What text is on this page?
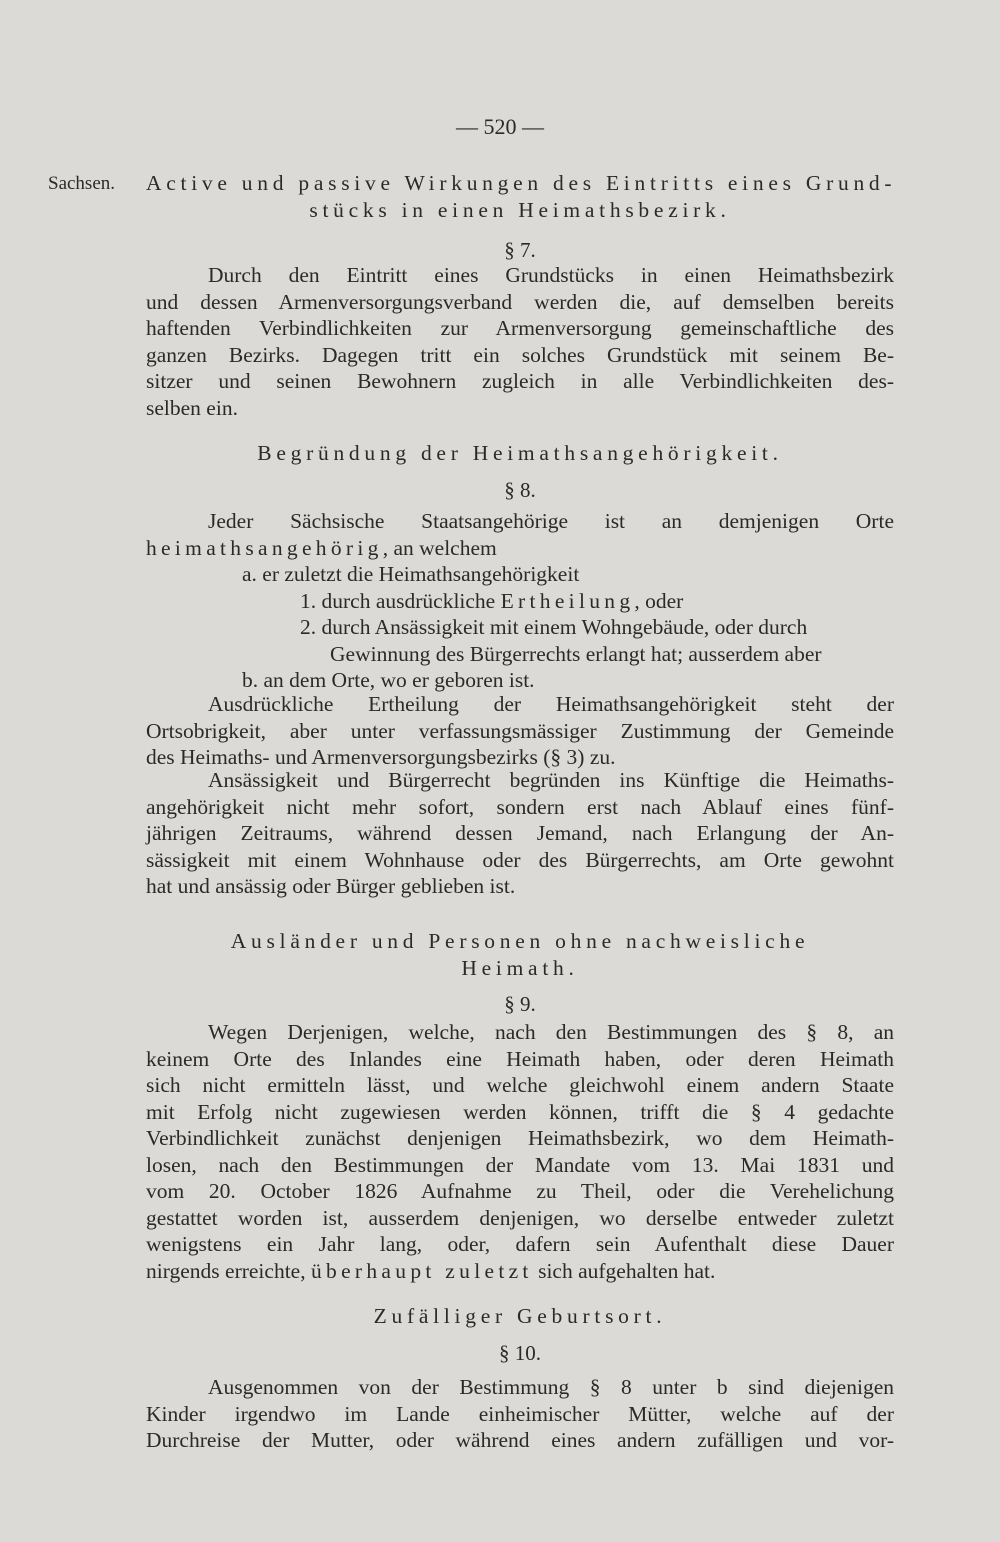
— 520 —
Sachsen. Active und passive Wirkungen des Eintritts eines Grund-
stücks in einen Heimathsbezirk.
§ 7.
Durch den Eintritt eines Grundstücks in einen Heimathsbezirk
und dessen Armenversorgungsverband werden die, auf demselben bereits
haftenden Verbindlichkeiten zur Armenversorgung gemeinschaftliche des
ganzen Bezirks. Dagegen tritt ein solches Grundstück mit seinem Be-
sitzer und seinen Bewohnern zugleich in alle Verbindlichkeiten des-
selben ein.
Begründung der Heimathsangehörigkeit.
§ 8.
Jeder Sächsische Staatsangehörige ist an demjenigen Orte
heimathsangehörig, an welchem
a. er zuletzt die Heimathsangehörigkeit
1. durch ausdrückliche Ertheilung, oder
2. durch Ansässigkeit mit einem Wohngebäude, oder durch
Gewinnung des Bürgerrechts erlangt hat; ausserdem aber
b. an dem Orte, wo er geboren ist.
Ausdrückliche Ertheilung der Heimathsangehörigkeit steht der
Ortsobrigkeit, aber unter verfassungsmässiger Zustimmung der Gemeinde
des Heimaths- und Armenversorgungsbezirks (§ 3) zu.
Ansässigkeit und Bürgerrecht begründen ins Künftige die Heimaths-
angehörigkeit nicht mehr sofort, sondern erst nach Ablauf eines fünf-
jährigen Zeitraums, während dessen Jemand, nach Erlangung der An-
sässigkeit mit einem Wohnhause oder des Bürgerrechts, am Orte gewohnt
hat und ansässig oder Bürger geblieben ist.
Ausländer und Personen ohne nachweisliche
Heimath.
§ 9.
Wegen Derjenigen, welche, nach den Bestimmungen des § 8, an
keinem Orte des Inlandes eine Heimath haben, oder deren Heimath
sich nicht ermitteln lässt, und welche gleichwohl einem andern Staate
mit Erfolg nicht zugewiesen werden können, trifft die § 4 gedachte
Verbindlichkeit zunächst denjenigen Heimathsbezirk, wo dem Heimath-
losen, nach den Bestimmungen der Mandate vom 13. Mai 1831 und
vom 20. October 1826 Aufnahme zu Theil, oder die Verehelichung
gestattet worden ist, ausserdem denjenigen, wo derselbe entweder zuletzt
wenigstens ein Jahr lang, oder, dafern sein Aufenthalt diese Dauer
nirgends erreichte, überhaupt zuletzt sich aufgehalten hat.
Zufälliger Geburtsort.
§ 10.
Ausgenommen von der Bestimmung § 8 unter b sind diejenigen
Kinder irgendwo im Lande einheimischer Mütter, welche auf der
Durchreise der Mutter, oder während eines andern zufälligen und vor-
